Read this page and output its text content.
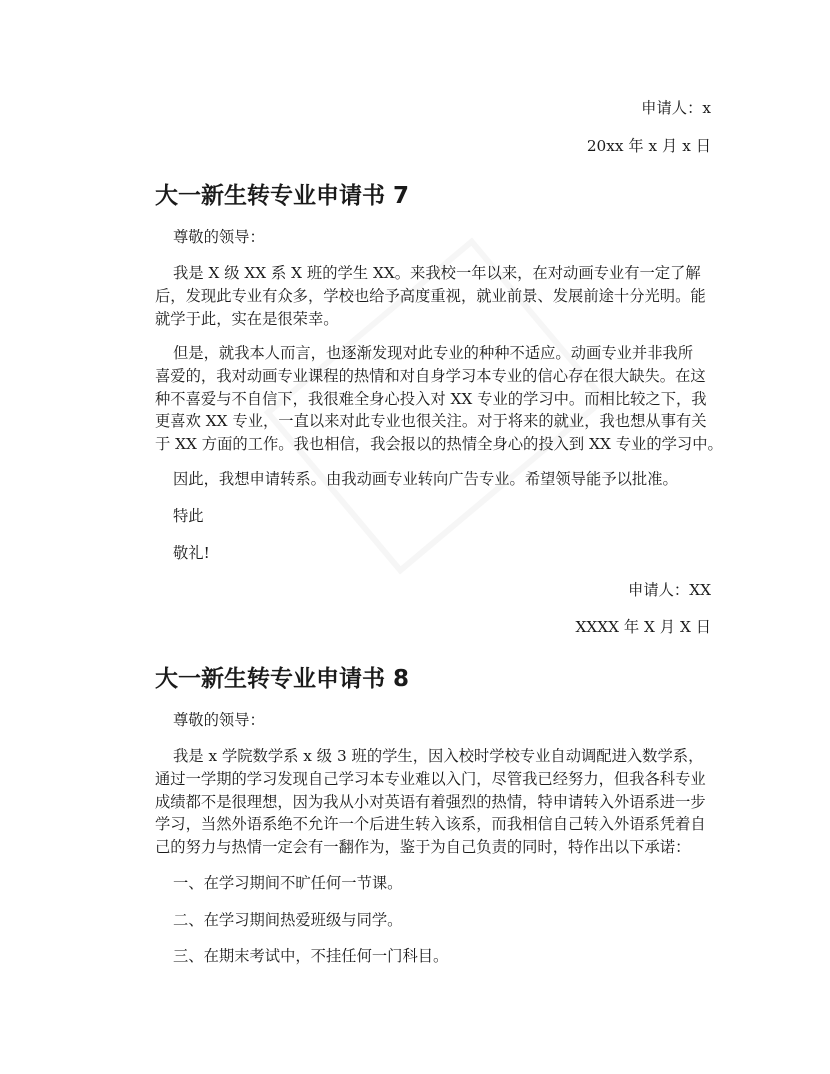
申请人：x
20xx 年 x 月 x 日
大一新生转专业申请书 7
尊敬的领导：
我是 X 级 XX 系 X 班的学生 XX。来我校一年以来，在对动画专业有一定了解
后，发现此专业有众多，学校也给予高度重视，就业前景、发展前途十分光明。能
就学于此，实在是很荣幸。
但是，就我本人而言，也逐渐发现对此专业的种种不适应。动画专业并非我所
喜爱的，我对动画专业课程的热情和对自身学习本专业的信心存在很大缺失。在这
种不喜爱与不自信下，我很难全身心投入对 XX 专业的学习中。而相比较之下，我
更喜欢 XX 专业，一直以来对此专业也很关注。对于将来的就业，我也想从事有关
于 XX 方面的工作。我也相信，我会报以的热情全身心的投入到 XX 专业的学习中。
因此，我想申请转系。由我动画专业转向广告专业。希望领导能予以批准。
特此
敬礼!
申请人：XX
XXXX 年 X 月 X 日
大一新生转专业申请书 8
尊敬的领导：
我是 x 学院数学系 x 级 3 班的学生，因入校时学校专业自动调配进入数学系，
通过一学期的学习发现自己学习本专业难以入门，尽管我已经努力，但我各科专业
成绩都不是很理想，因为我从小对英语有着强烈的热情，特申请转入外语系进一步
学习，当然外语系绝不允许一个后进生转入该系，而我相信自己转入外语系凭着自
己的努力与热情一定会有一翻作为，鉴于为自己负责的同时，特作出以下承诺：
一、在学习期间不旷任何一节课。
二、在学习期间热爱班级与同学。
三、在期末考试中，不挂任何一门科目。
